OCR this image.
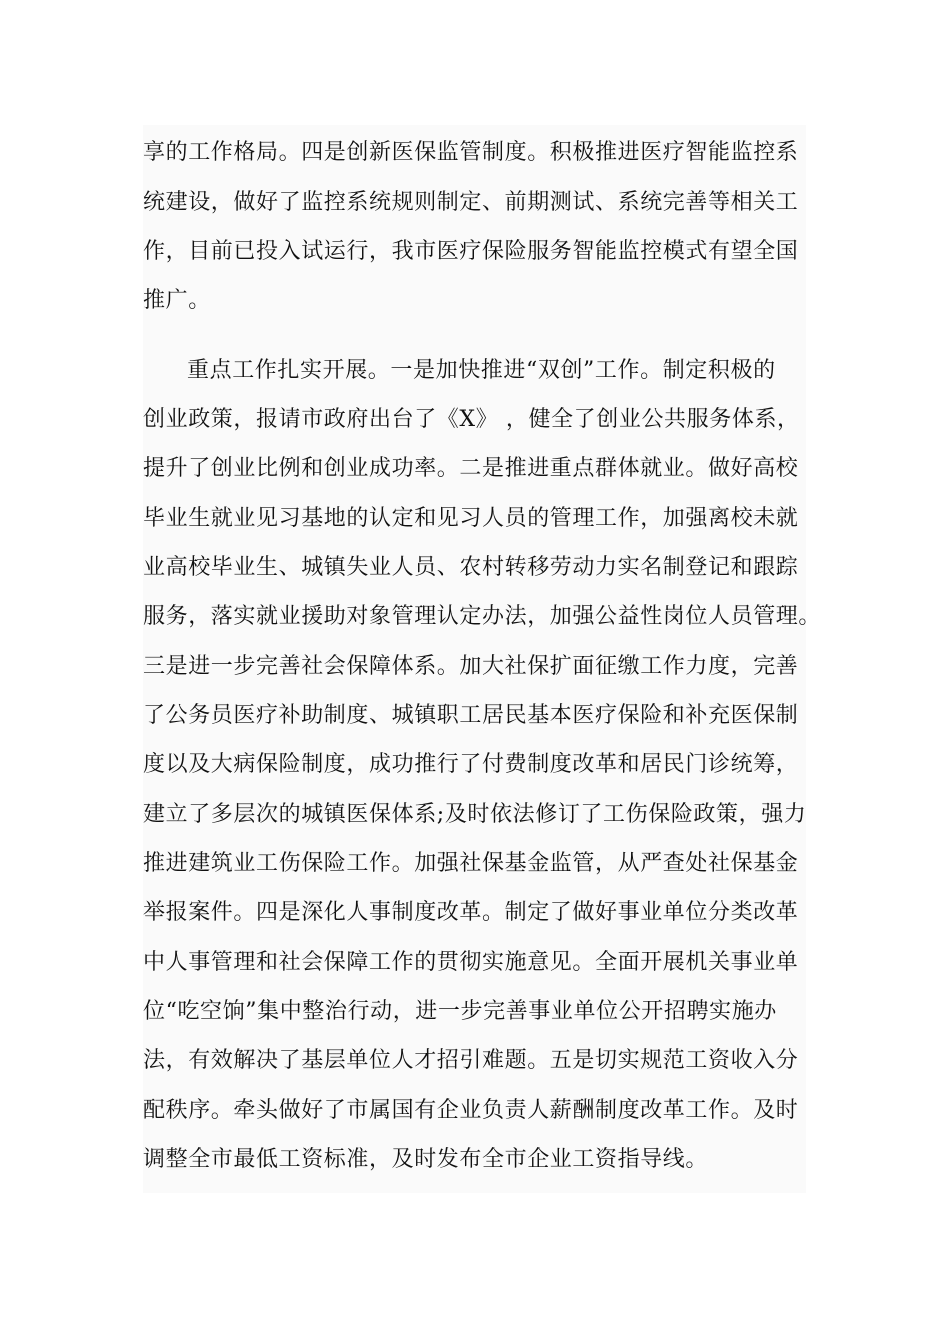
享的工作格局。四是创新医保监管制度。积极推进医疗智能监控系
统建设，做好了监控系统规则制定、前期测试、系统完善等相关工
作，目前已投入试运行，我市医疗保险服务智能监控模式有望全国
推广。
重点工作扎实开展。一是加快推进“双创”工作。制定积极的
创业政策，报请市政府出台了《X》 ，健全了创业公共服务体系，
提升了创业比例和创业成功率。二是推进重点群体就业。做好高校
毕业生就业见习基地的认定和见习人员的管理工作，加强离校未就
业高校毕业生、城镇失业人员、农村转移劳动力实名制登记和跟踪
服务，落实就业援助对象管理认定办法，加强公益性岗位人员管理。
三是进一步完善社会保障体系。加大社保扩面征缴工作力度，完善
了公务员医疗补助制度、城镇职工居民基本医疗保险和补充医保制
度以及大病保险制度，成功推行了付费制度改革和居民门诊统筹，
建立了多层次的城镇医保体系;及时依法修订了工伤保险政策，强力
推进建筑业工伤保险工作。加强社保基金监管，从严查处社保基金
举报案件。四是深化人事制度改革。制定了做好事业单位分类改革
中人事管理和社会保障工作的贯彻实施意见。全面开展机关事业单
位“吃空饷”集中整治行动，进一步完善事业单位公开招聘实施办
法，有效解决了基层单位人才招引难题。五是切实规范工资收入分
配秩序。牵头做好了市属国有企业负责人薪酬制度改革工作。及时
调整全市最低工资标准，及时发布全市企业工资指导线。
